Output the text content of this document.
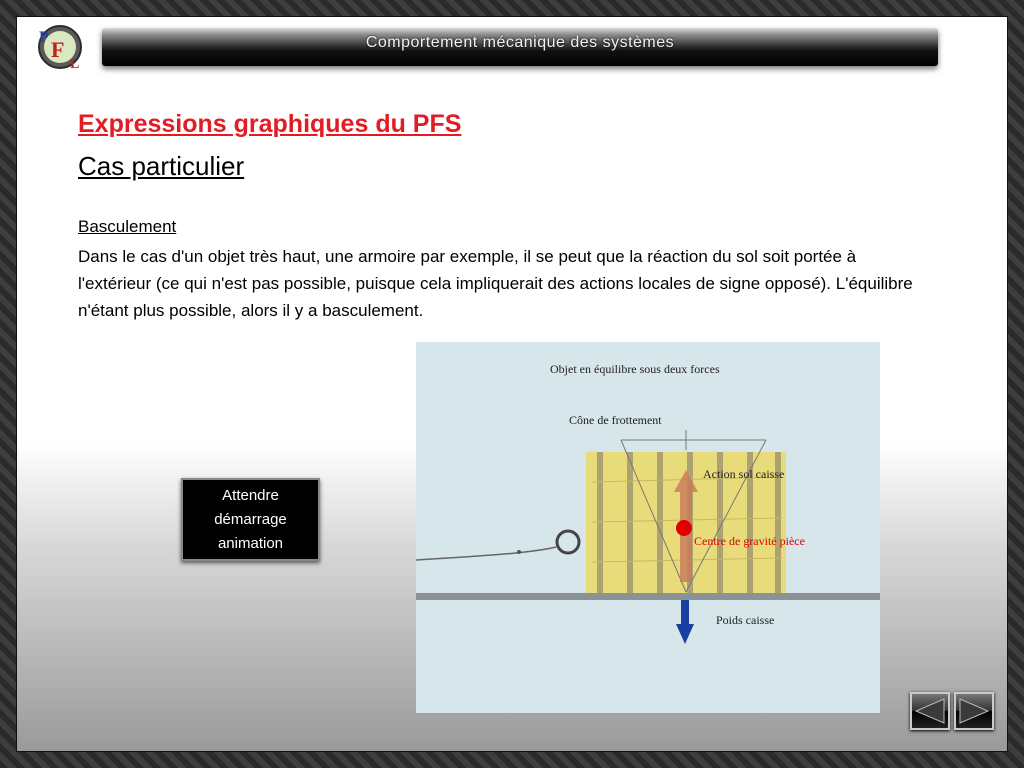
P F
L
Comportement mécanique des systèmes
Expressions graphiques du PFS
Cas particulier
Basculement
Dans le cas d'un objet très haut, une armoire par exemple, il se peut que la réaction du sol soit portée à l'extérieur (ce qui n'est pas possible, puisque cela impliquerait des actions locales de signe opposé). L'équilibre n'étant plus possible, alors il y a basculement.
Attendre démarrage animation
Objet en équilibre sous deux forces
Cône de frottement
Action sol caisse
Centre de gravité pièce
Poids caisse
